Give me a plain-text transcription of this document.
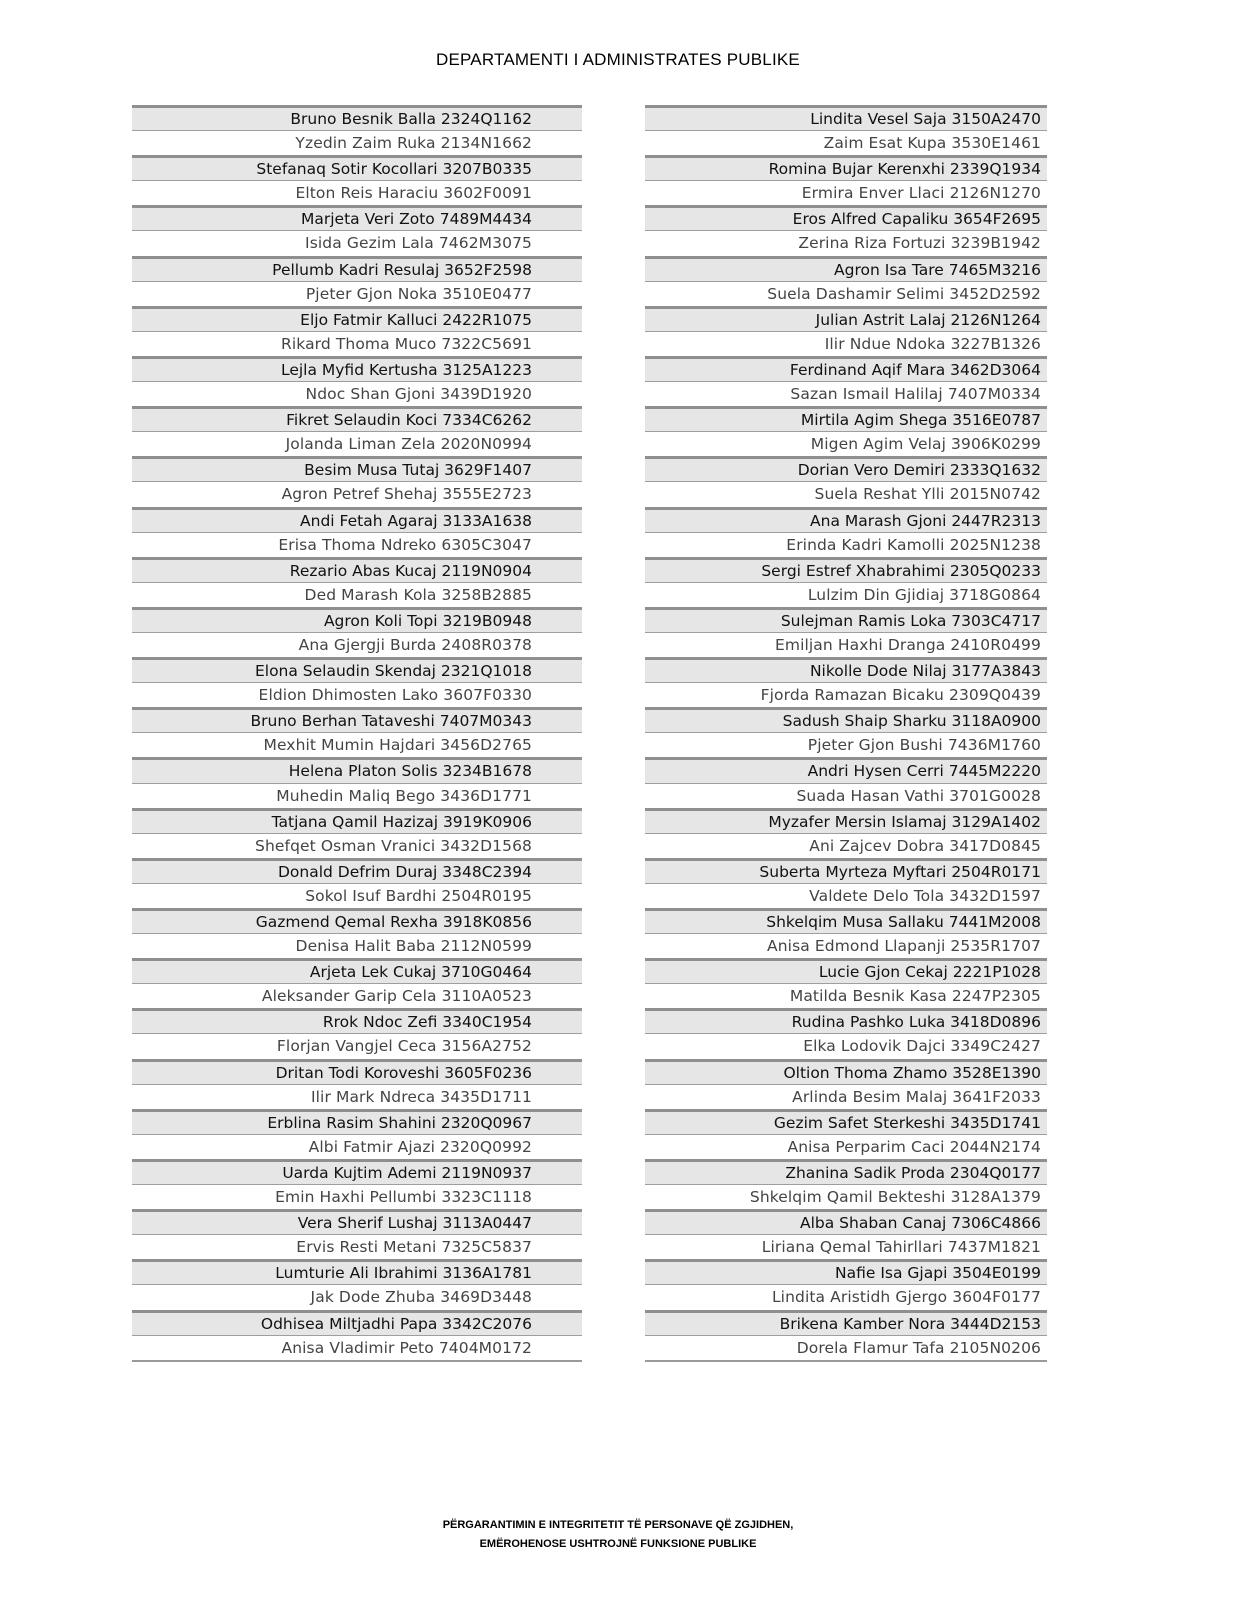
DEPARTAMENTI I ADMINISTRATES PUBLIKE
Bruno Besnik Balla 2324Q1162
Yzedin Zaim Ruka 2134N1662
Stefanaq Sotir Kocollari 3207B0335
Elton Reis Haraciu 3602F0091
Marjeta Veri Zoto 7489M4434
Isida Gezim Lala 7462M3075
Pellumb Kadri Resulaj 3652F2598
Pjeter Gjon Noka 3510E0477
Eljo Fatmir Kalluci 2422R1075
Rikard Thoma Muco 7322C5691
Lejla Myfid Kertusha 3125A1223
Ndoc Shan Gjoni 3439D1920
Fikret Selaudin Koci 7334C6262
Jolanda Liman Zela 2020N0994
Besim Musa Tutaj 3629F1407
Agron Petref Shehaj 3555E2723
Andi Fetah Agaraj 3133A1638
Erisa Thoma Ndreko 6305C3047
Rezario Abas Kucaj 2119N0904
Ded Marash Kola 3258B2885
Agron Koli Topi 3219B0948
Ana Gjergji Burda 2408R0378
Elona Selaudin Skendaj 2321Q1018
Eldion Dhimosten Lako 3607F0330
Bruno Berhan Tataveshi 7407M0343
Mexhit Mumin Hajdari 3456D2765
Helena Platon Solis 3234B1678
Muhedin Maliq Bego 3436D1771
Tatjana Qamil Hazizaj 3919K0906
Shefqet Osman Vranici 3432D1568
Donald Defrim Duraj 3348C2394
Sokol Isuf Bardhi 2504R0195
Gazmend Qemal Rexha 3918K0856
Denisa Halit Baba 2112N0599
Arjeta Lek Cukaj 3710G0464
Aleksander Garip Cela 3110A0523
Rrok Ndoc Zefi 3340C1954
Florjan Vangjel Ceca 3156A2752
Dritan Todi Koroveshi 3605F0236
Ilir Mark Ndreca 3435D1711
Erblina Rasim Shahini 2320Q0967
Albi Fatmir Ajazi 2320Q0992
Uarda Kujtim Ademi 2119N0937
Emin Haxhi Pellumbi 3323C1118
Vera Sherif Lushaj 3113A0447
Ervis Resti Metani 7325C5837
Lumturie Ali Ibrahimi 3136A1781
Jak Dode Zhuba 3469D3448
Odhisea Miltjadhi Papa 3342C2076
Anisa Vladimir Peto 7404M0172
Lindita Vesel Saja 3150A2470
Zaim Esat Kupa 3530E1461
Romina Bujar Kerenxhi 2339Q1934
Ermira Enver Llaci 2126N1270
Eros Alfred Capaliku 3654F2695
Zerina Riza Fortuzi 3239B1942
Agron Isa Tare 7465M3216
Suela Dashamir Selimi 3452D2592
Julian Astrit Lalaj 2126N1264
Ilir Ndue Ndoka 3227B1326
Ferdinand Aqif Mara 3462D3064
Sazan Ismail Halilaj 7407M0334
Mirtila Agim Shega 3516E0787
Migen Agim Velaj 3906K0299
Dorian Vero Demiri 2333Q1632
Suela Reshat Ylli 2015N0742
Ana Marash Gjoni 2447R2313
Erinda Kadri Kamolli 2025N1238
Sergi Estref Xhabrahimi 2305Q0233
Lulzim Din Gjidiaj 3718G0864
Sulejman Ramis Loka 7303C4717
Emiljan Haxhi Dranga 2410R0499
Nikolle Dode Nilaj 3177A3843
Fjorda Ramazan Bicaku 2309Q0439
Sadush Shaip Sharku 3118A0900
Pjeter Gjon Bushi 7436M1760
Andri Hysen Cerri 7445M2220
Suada Hasan Vathi 3701G0028
Myzafer Mersin Islamaj 3129A1402
Ani Zajcev Dobra 3417D0845
Suberta Myrteza Myftari 2504R0171
Valdete Delo Tola 3432D1597
Shkelqim Musa Sallaku 7441M2008
Anisa Edmond Llapanji 2535R1707
Lucie Gjon Cekaj 2221P1028
Matilda Besnik Kasa 2247P2305
Rudina Pashko Luka 3418D0896
Elka Lodovik Dajci 3349C2427
Oltion Thoma Zhamo 3528E1390
Arlinda Besim Malaj 3641F2033
Gezim Safet Sterkeshi 3435D1741
Anisa Perparim Caci 2044N2174
Zhanina Sadik Proda 2304Q0177
Shkelqim Qamil Bekteshi 3128A1379
Alba Shaban Canaj 7306C4866
Liriana Qemal Tahirllari 7437M1821
Nafie Isa Gjapi 3504E0199
Lindita Aristidh Gjergo 3604F0177
Brikena Kamber Nora 3444D2153
Dorela Flamur Tafa 2105N0206
PËRGARANTIMIN E INTEGRITETIT TË PERSONAVE QË ZGJIDHEN,
EMËROHENOSE USHTROJNË FUNKSIONE PUBLIKE
